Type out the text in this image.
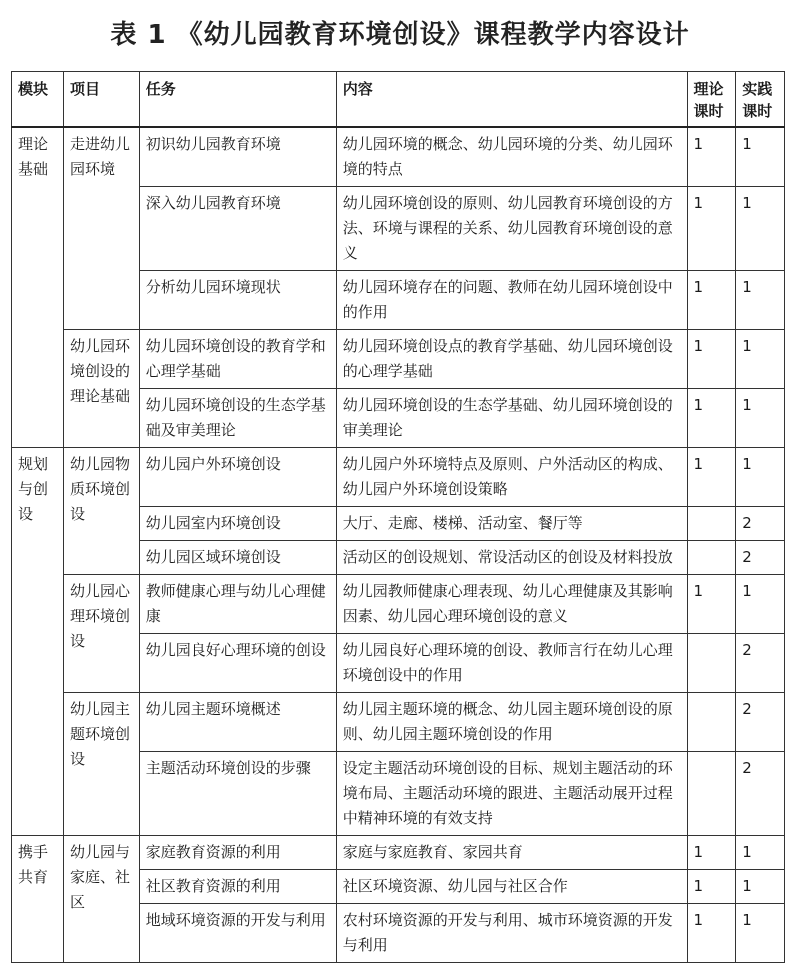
表 1 《幼儿园教育环境创设》课程教学内容设计
模块	项目	任务	内容	理论课时	实践课时
理论基础	走进幼儿园环境	初识幼儿园教育环境	幼儿园环境的概念、幼儿园环境的分类、幼儿园环境的特点	1	1
		深入幼儿园教育环境	幼儿园环境创设的原则、幼儿园教育环境创设的方法、环境与课程的关系、幼儿园教育环境创设的意义	1	1
		分析幼儿园环境现状	幼儿园环境存在的问题、教师在幼儿园环境创设中的作用	1	1
	幼儿园环境创设的理论基础	幼儿园环境创设的教育学和心理学基础	幼儿园环境创设点的教育学基础、幼儿园环境创设的心理学基础	1	1
		幼儿园环境创设的生态学基础及审美理论	幼儿园环境创设的生态学基础、幼儿园环境创设的审美理论	1	1
规划与创设	幼儿园物质环境创设	幼儿园户外环境创设	幼儿园户外环境特点及原则、户外活动区的构成、幼儿园户外环境创设策略	1	1
		幼儿园室内环境创设	大厅、走廊、楼梯、活动室、餐厅等		2
		幼儿园区域环境创设	活动区的创设规划、常设活动区的创设及材料投放		2
	幼儿园心理环境创设	教师健康心理与幼儿心理健康	幼儿园教师健康心理表现、幼儿心理健康及其影响因素、幼儿园心理环境创设的意义	1	1
		幼儿园良好心理环境的创设	幼儿园良好心理环境的创设、教师言行在幼儿心理环境创设中的作用		2
	幼儿园主题环境创设	幼儿园主题环境概述	幼儿园主题环境的概念、幼儿园主题环境创设的原则、幼儿园主题环境创设的作用		2
		主题活动环境创设的步骤	设定主题活动环境创设的目标、规划主题活动的环境布局、主题活动环境的跟进、主题活动展开过程中精神环境的有效支持		2
携手共育	幼儿园与家庭、社区	家庭教育资源的利用	家庭与家庭教育、家园共育	1	1
		社区教育资源的利用	社区环境资源、幼儿园与社区合作	1	1
		地域环境资源的开发与利用	农村环境资源的开发与利用、城市环境资源的开发与利用	1	1
